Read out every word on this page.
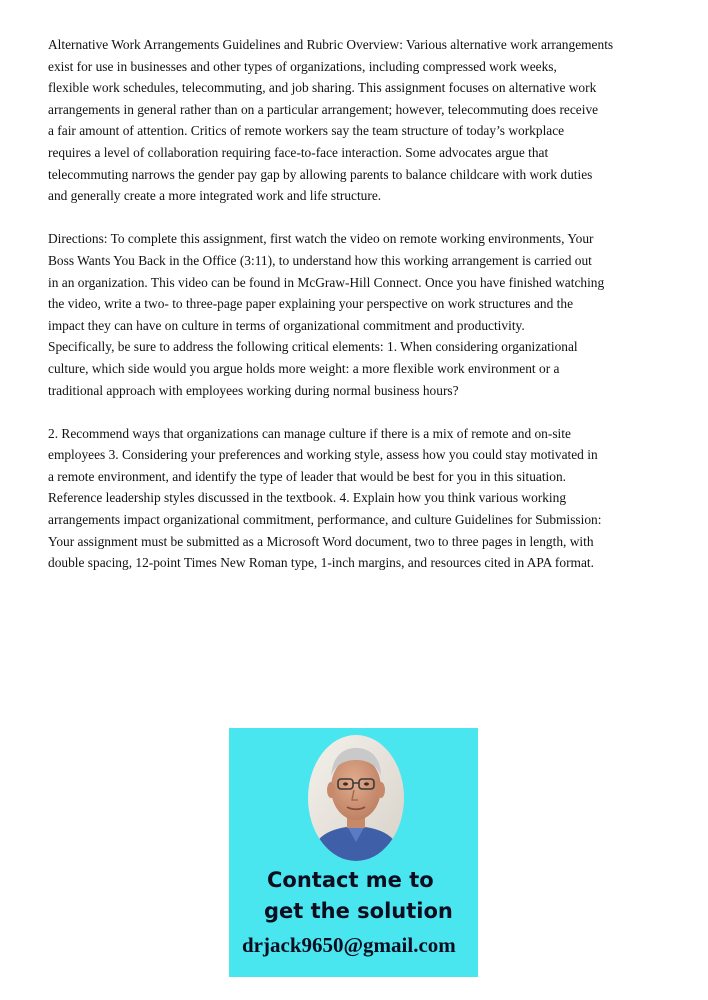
Alternative Work Arrangements Guidelines and Rubric Overview: Various alternative work arrangements
exist for use in businesses and other types of organizations, including compressed work weeks,
flexible work schedules, telecommuting, and job sharing. This assignment focuses on alternative work
arrangements in general rather than on a particular arrangement; however, telecommuting does receive
a fair amount of attention. Critics of remote workers say the team structure of today’s workplace
requires a level of collaboration requiring face-to-face interaction. Some advocates argue that
telecommuting narrows the gender pay gap by allowing parents to balance childcare with work duties
and generally create a more integrated work and life structure.
Directions: To complete this assignment, first watch the video on remote working environments, Your
Boss Wants You Back in the Office (3:11), to understand how this working arrangement is carried out
in an organization. This video can be found in McGraw-Hill Connect. Once you have finished watching
the video, write a two- to three-page paper explaining your perspective on work structures and the
impact they can have on culture in terms of organizational commitment and productivity.
Specifically, be sure to address the following critical elements: 1. When considering organizational
culture, which side would you argue holds more weight: a more flexible work environment or a
traditional approach with employees working during normal business hours?
2. Recommend ways that organizations can manage culture if there is a mix of remote and on-site
employees 3. Considering your preferences and working style, assess how you could stay motivated in
a remote environment, and identify the type of leader that would be best for you in this situation.
Reference leadership styles discussed in the textbook. 4. Explain how you think various working
arrangements impact organizational commitment, performance, and culture Guidelines for Submission:
Your assignment must be submitted as a Microsoft Word document, two to three pages in length, with
double spacing, 12-point Times New Roman type, 1-inch margins, and resources cited in APA format.
Contact me to
get the solution
drjack9650@gmail.com
